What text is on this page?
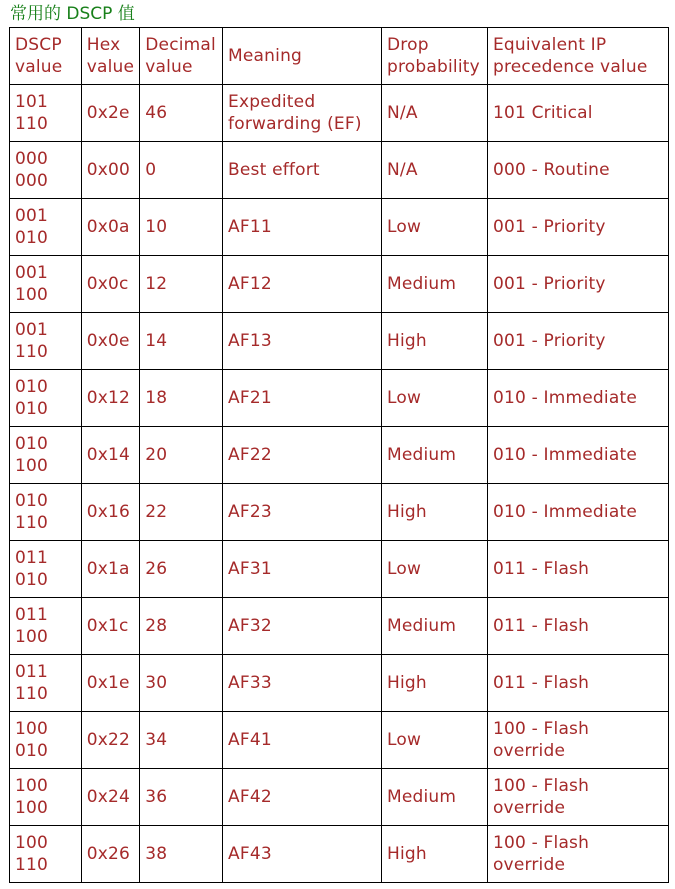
常用的 DSCP 值
DSCP value	Hex value	Decimal value	Meaning	Drop probability	Equivalent IP precedence value
101 110	0x2e	46	Expedited forwarding (EF)	N/A	101 Critical
000 000	0x00	0	Best effort	N/A	000 - Routine
001 010	0x0a	10	AF11	Low	001 - Priority
001 100	0x0c	12	AF12	Medium	001 - Priority
001 110	0x0e	14	AF13	High	001 - Priority
010 010	0x12	18	AF21	Low	010 - Immediate
010 100	0x14	20	AF22	Medium	010 - Immediate
010 110	0x16	22	AF23	High	010 - Immediate
011 010	0x1a	26	AF31	Low	011 - Flash
011 100	0x1c	28	AF32	Medium	011 - Flash
011 110	0x1e	30	AF33	High	011 - Flash
100 010	0x22	34	AF41	Low	100 - Flash override
100 100	0x24	36	AF42	Medium	100 - Flash override
100 110	0x26	38	AF43	High	100 - Flash override
